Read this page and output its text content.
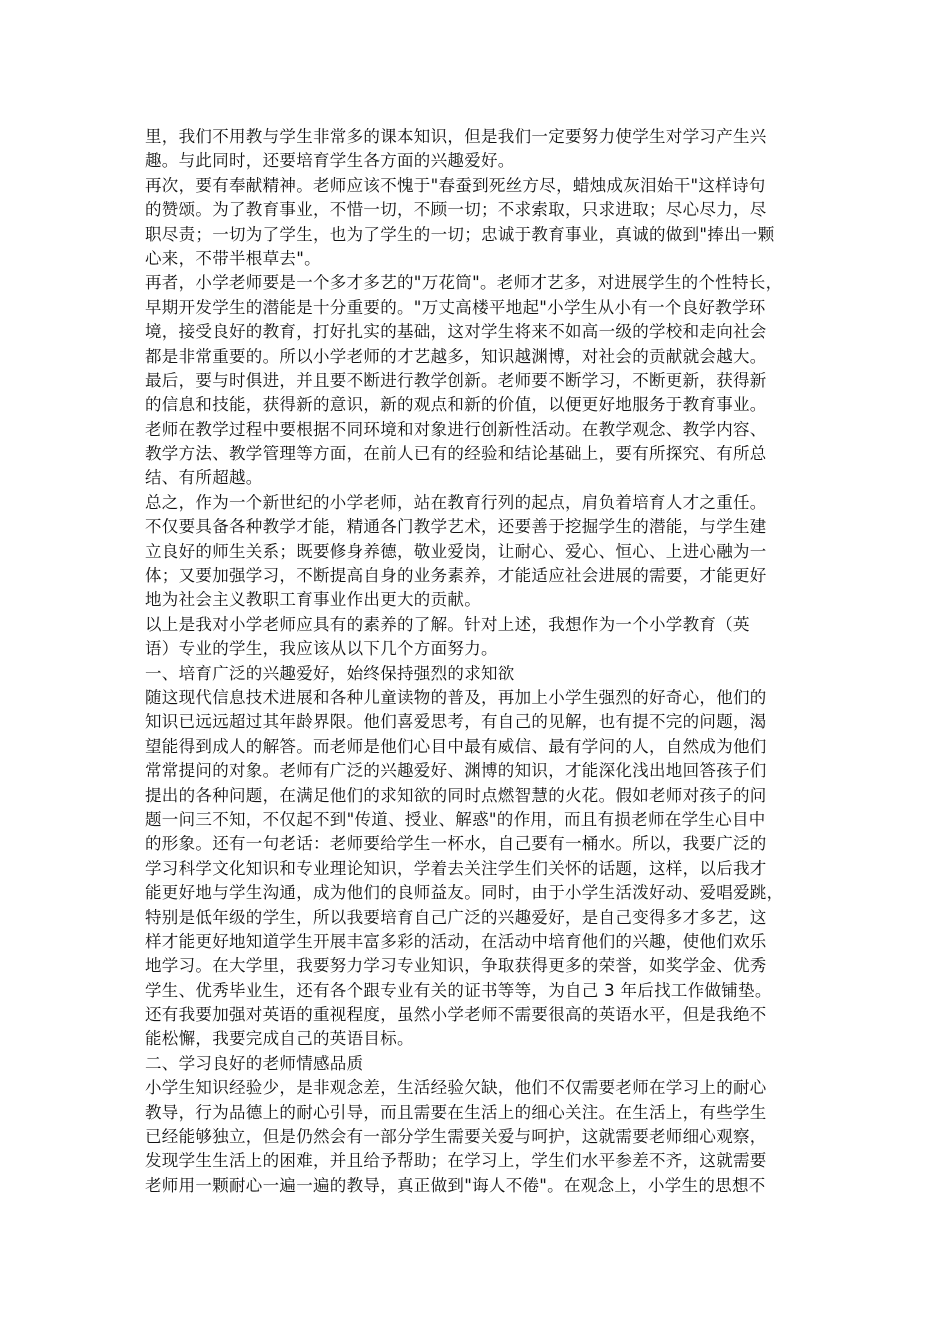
里，我们不用教与学生非常多的课本知识，但是我们一定要努力使学生对学习产生兴
趣。与此同时，还要培育学生各方面的兴趣爱好。
再次，要有奉献精神。老师应该不愧于"春蚕到死丝方尽，蜡烛成灰泪始干"这样诗句
的赞颂。为了教育事业，不惜一切，不顾一切；不求索取，只求进取；尽心尽力，尽
职尽责；一切为了学生，也为了学生的一切；忠诚于教育事业，真诚的做到"捧出一颗
心来，不带半根草去"。
再者，小学老师要是一个多才多艺的"万花筒"。老师才艺多，对进展学生的个性特长，
早期开发学生的潜能是十分重要的。"万丈高楼平地起"小学生从小有一个良好教学环
境，接受良好的教育，打好扎实的基础，这对学生将来不如高一级的学校和走向社会
都是非常重要的。所以小学老师的才艺越多，知识越渊博，对社会的贡献就会越大。
最后，要与时俱进，并且要不断进行教学创新。老师要不断学习，不断更新，获得新
的信息和技能，获得新的意识，新的观点和新的价值，以便更好地服务于教育事业。
老师在教学过程中要根据不同环境和对象进行创新性活动。在教学观念、教学内容、
教学方法、教学管理等方面，在前人已有的经验和结论基础上，要有所探究、有所总
结、有所超越。
总之，作为一个新世纪的小学老师，站在教育行列的起点，肩负着培育人才之重任。
不仅要具备各种教学才能，精通各门教学艺术，还要善于挖掘学生的潜能，与学生建
立良好的师生关系；既要修身养德，敬业爱岗，让耐心、爱心、恒心、上进心融为一
体；又要加强学习，不断提高自身的业务素养，才能适应社会进展的需要，才能更好
地为社会主义教职工育事业作出更大的贡献。
以上是我对小学老师应具有的素养的了解。针对上述，我想作为一个小学教育（英
语）专业的学生，我应该从以下几个方面努力。
一、培育广泛的兴趣爱好，始终保持强烈的求知欲
随这现代信息技术进展和各种儿童读物的普及，再加上小学生强烈的好奇心，他们的
知识已远远超过其年龄界限。他们喜爱思考，有自己的见解，也有提不完的问题，渴
望能得到成人的解答。而老师是他们心目中最有威信、最有学问的人，自然成为他们
常常提问的对象。老师有广泛的兴趣爱好、渊博的知识，才能深化浅出地回答孩子们
提出的各种问题，在满足他们的求知欲的同时点燃智慧的火花。假如老师对孩子的问
题一问三不知，不仅起不到"传道、授业、解惑"的作用，而且有损老师在学生心目中
的形象。还有一句老话：老师要给学生一杯水，自己要有一桶水。所以，我要广泛的
学习科学文化知识和专业理论知识，学着去关注学生们关怀的话题，这样，以后我才
能更好地与学生沟通，成为他们的良师益友。同时，由于小学生活泼好动、爱唱爱跳，
特别是低年级的学生，所以我要培育自己广泛的兴趣爱好，是自己变得多才多艺，这
样才能更好地知道学生开展丰富多彩的活动，在活动中培育他们的兴趣，使他们欢乐
地学习。在大学里，我要努力学习专业知识，争取获得更多的荣誉，如奖学金、优秀
学生、优秀毕业生，还有各个跟专业有关的证书等等，为自己 3 年后找工作做铺垫。
还有我要加强对英语的重视程度，虽然小学老师不需要很高的英语水平，但是我绝不
能松懈，我要完成自己的英语目标。
二、学习良好的老师情感品质
小学生知识经验少，是非观念差，生活经验欠缺，他们不仅需要老师在学习上的耐心
教导，行为品德上的耐心引导，而且需要在生活上的细心关注。在生活上，有些学生
已经能够独立，但是仍然会有一部分学生需要关爱与呵护，这就需要老师细心观察，
发现学生生活上的困难，并且给予帮助；在学习上，学生们水平参差不齐，这就需要
老师用一颗耐心一遍一遍的教导，真正做到"诲人不倦"。在观念上，小学生的思想不
